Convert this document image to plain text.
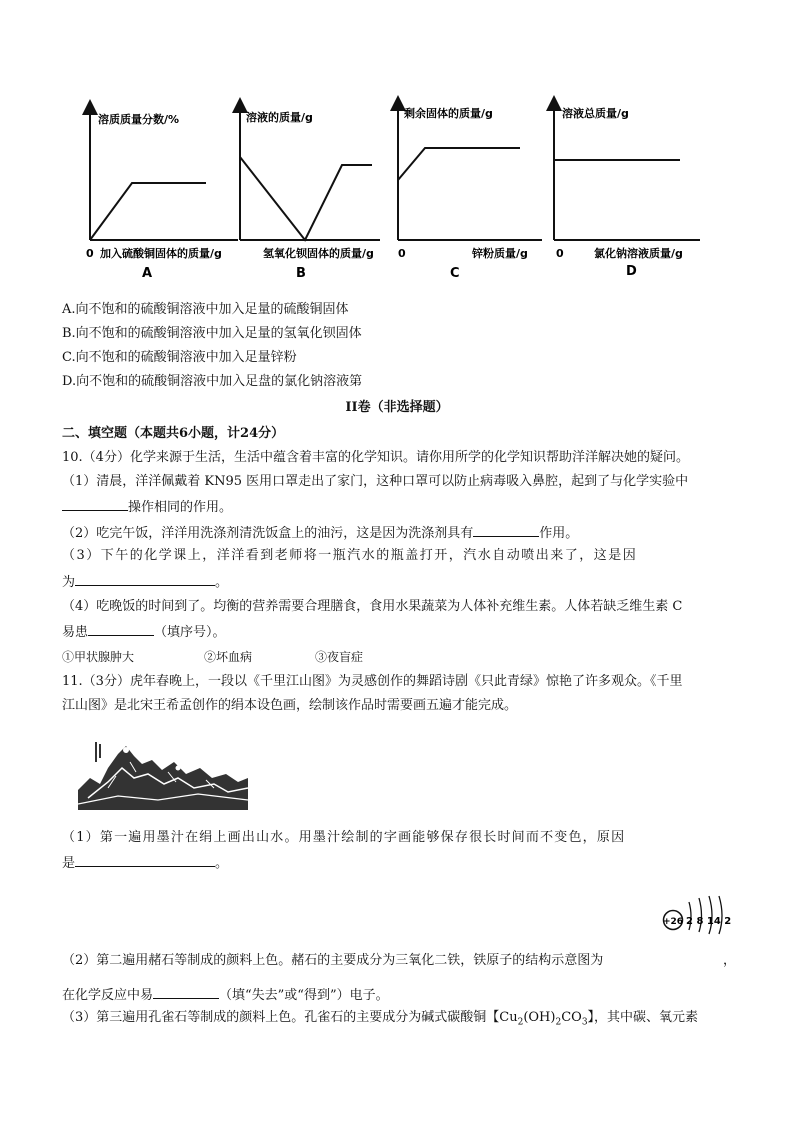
溶质质量分数/%
0 加入硫酸铜固体的质量/g
A
溶液的质量/g
氢氧化钡固体的质量/g
B
剩余固体的质量/g
0	锌粉质量/g
C
溶液总质量/g
0	氯化钠溶液质量/g
D
A.向不饱和的硫酸铜溶液中加入足量的硫酸铜固体
B.向不饱和的硫酸铜溶液中加入足量的氢氧化钡固体
C.向不饱和的硫酸铜溶液中加入足量锌粉
D.向不饱和的硫酸铜溶液中加入足盘的氯化钠溶液第
II卷（非选择题）
二、填空题（本题共6小题，计24分）
10.（4分）化学来源于生活，生活中蕴含着丰富的化学知识。请你用所学的化学知识帮助洋洋解决她的疑问。
（1）清晨，洋洋佩戴着 KN95 医用口罩走出了家门，这种口罩可以防止病毒吸入鼻腔，起到了与化学实验中
操作相同的作用。
（2）吃完午饭，洋洋用洗涤剂清洗饭盒上的油污，这是因为洗涤剂具有	作用。
（3）下午的化学课上，洋洋看到老师将一瓶汽水的瓶盖打开，汽水自动喷出来了，这是因
为	。
（4）吃晚饭的时间到了。均衡的营养需要合理膳食，食用水果蔬菜为人体补充维生素。人体若缺乏维生素 C
易患	（填序号）。
①甲状腺肿大	②坏血病	③夜盲症
11.（3分）虎年春晚上，一段以《千里江山图》为灵感创作的舞蹈诗剧《只此青绿》惊艳了许多观众。《千里
江山图》是北宋王希孟创作的绢本设色画，绘制该作品时需要画五遍才能完成。
（1）第一遍用墨汁在绢上画出山水。用墨汁绘制的字画能够保存很长时间而不变色，原因
是	。
+26 2 8 14 2
（2）第二遍用赭石等制成的颜料上色。赭石的主要成分为三氧化二铁，铁原子的结构示意图为	，
在化学反应中易	（填“失去”或“得到”）电子。
（3）第三遍用孔雀石等制成的颜料上色。孔雀石的主要成分为碱式碳酸铜【$Cu_2(OH)_2CO_3$】，其中碳、氧元素
